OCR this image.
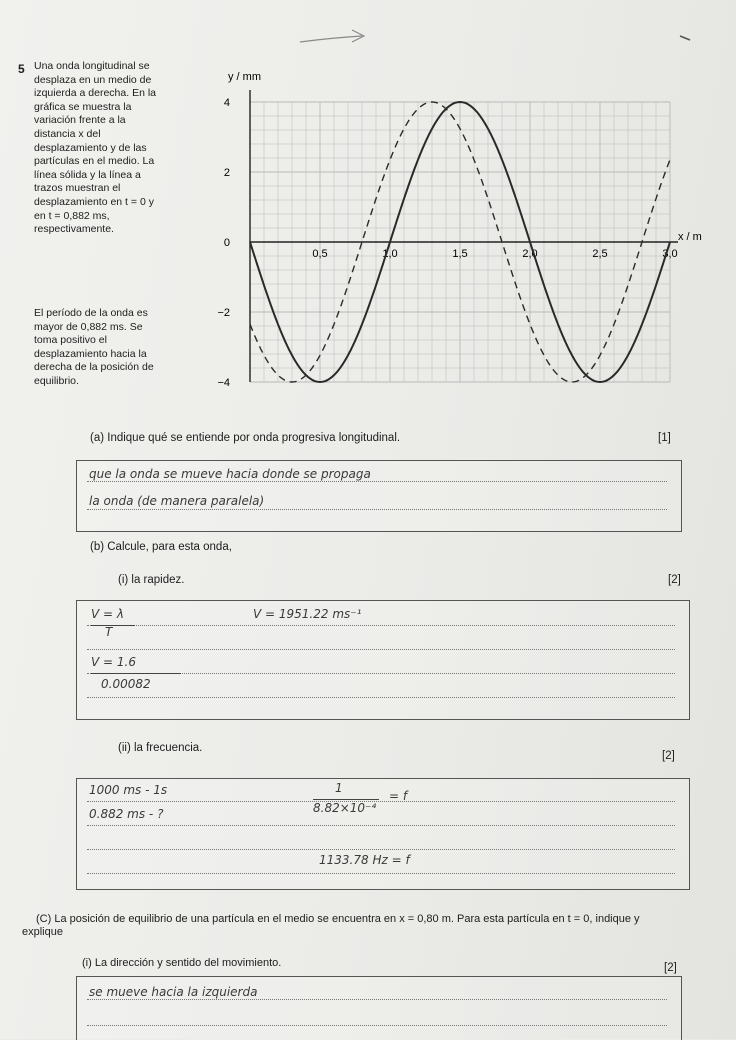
5 Una onda longitudinal se
desplaza en un medio de
izquierda a derecha. En la
gráfica se muestra la
variación frente a la
distancia x del
desplazamiento y de las
partículas en el medio. La
línea sólida y la línea a
trazos muestran el
desplazamiento en t = 0 y
en t = 0,882 ms,
respectivamente.
El período de la onda es
mayor de 0,882 ms. Se
toma positivo el
desplazamiento hacia la
derecha de la posición de
equilibrio.
y / mm
x / m
4
2
0
−2
−4
0,5	1,0	1,5	2,0	2,5	3,0
(a) Indique qué se entiende por onda progresiva longitudinal.	[1]
que la onda se mueve hacia donde se propaga
la onda (de manera paralela)
(b) Calcule, para esta onda,
(i) la rapidez.	[2]
V = λ
T
V = 1.6
0.00082
V = 1951.22 ms⁻¹
(ii) la frecuencia.
[2]
1000 ms - 1s
0.882 ms - ?
1
8.82×10⁻⁴
= f
1133.78 Hz = f
(C) La posición de equilibrio de una partícula en el medio se encuentra en x = 0,80 m. Para esta partícula en t = 0, indique y
explique
(i) La dirección y sentido del movimiento.	[2]
se mueve hacia la izquierda
